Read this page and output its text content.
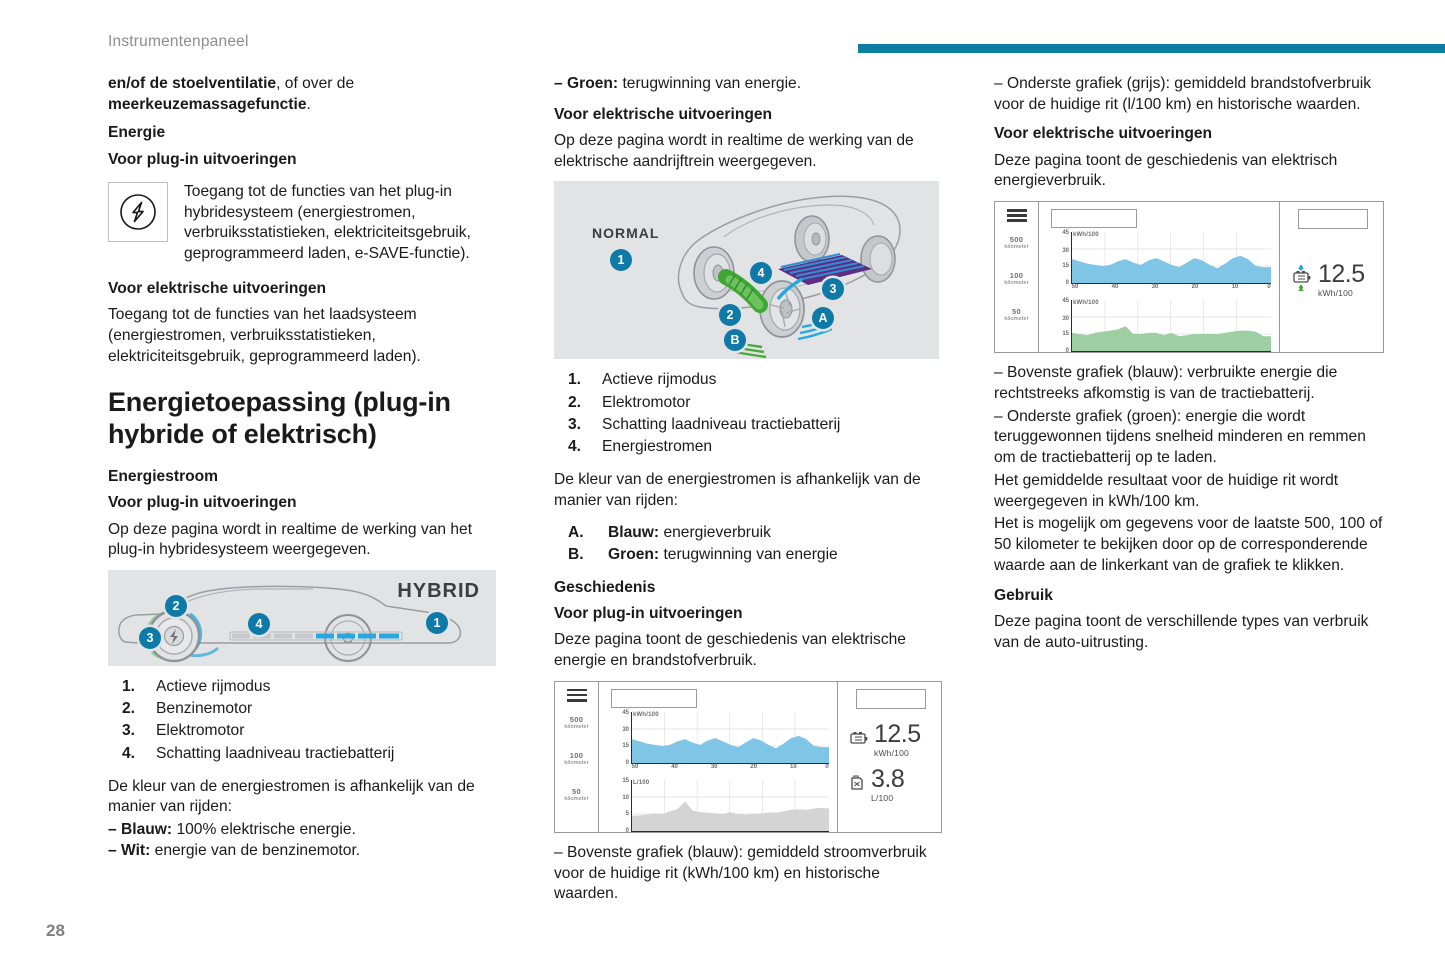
Instrumentenpaneel
28

en/of de stoelventilatie, of over de
meerkeuzemassagefunctie.

Energie
Voor plug-in uitvoeringen
Toegang tot de functies van het plug-in hybridesysteem (energiestromen, verbruiksstatistieken, elektriciteitsgebruik, geprogrammeerd laden, e-SAVE-functie).
Voor elektrische uitvoeringen

Toegang tot de functies van het laadsysteem (energiestromen, verbruiksstatistieken, elektriciteitsgebruik, geprogrammeerd laden).

Energietoepassing (plug-in hybride of elektrisch)
Energiestroom
Voor plug-in uitvoeringen

Op deze pagina wordt in realtime de werking van het plug-in hybridesysteem weergegeven.

HYBRID
1
2
3
4
1.	Actieve rijmodus
2.	Benzinemotor
3.	Elektromotor
4.	Schatting laadniveau tractiebatterij

De kleur van de energiestromen is afhankelijk van de manier van rijden:

– Blauw: 100% elektrische energie.

– Wit: energie van de benzinemotor.

– Groen: terugwinning van energie.

Voor elektrische uitvoeringen

Op deze pagina wordt in realtime de werking van de elektrische aandrijftrein weergegeven.

NORMAL
1
2
3
4
A
B
1.	Actieve rijmodus
2.	Elektromotor
3.	Schatting laadniveau tractiebatterij
4.	Energiestromen

De kleur van de energiestromen is afhankelijk van de manier van rijden:

A.	Blauw: energieverbruik
B.	Groen: terugwinning van energie
Geschiedenis
Voor plug-in uitvoeringen

Deze pagina toont de geschiedenis van elektrische energie en brandstofverbruik.

500
kilometer
100
kilometer
50
kilometer
45
30
15
0
kWh/100
50	40	30	20	10	0
15
10
5
0
L/100
12.5
kWh/100
3.8
L/100

– Bovenste grafiek (blauw): gemiddeld stroomverbruik voor de huidige rit (kWh/100 km) en historische waarden.

– Onderste grafiek (grijs): gemiddeld brandstofverbruik voor de huidige rit (l/100 km) en historische waarden.

Voor elektrische uitvoeringen

Deze pagina toont de geschiedenis van elektrisch energieverbruik.

500
kilometer
100
kilometer
50
kilometer
45
30
15
0
kWh/100
50	40	30	20	10	0
45
30
15
0
kWh/100
12.5
kWh/100

– Bovenste grafiek (blauw): verbruikte energie die rechtstreeks afkomstig is van de tractiebatterij.

– Onderste grafiek (groen): energie die wordt teruggewonnen tijdens snelheid minderen en remmen om de tractiebatterij op te laden.

Het gemiddelde resultaat voor de huidige rit wordt weergegeven in kWh/100 km.

Het is mogelijk om gegevens voor de laatste 500, 100 of 50 kilometer te bekijken door op de corresponderende waarde aan de linkerkant van de grafiek te klikken.

Gebruik

Deze pagina toont de verschillende types van verbruik van de auto-uitrusting.
